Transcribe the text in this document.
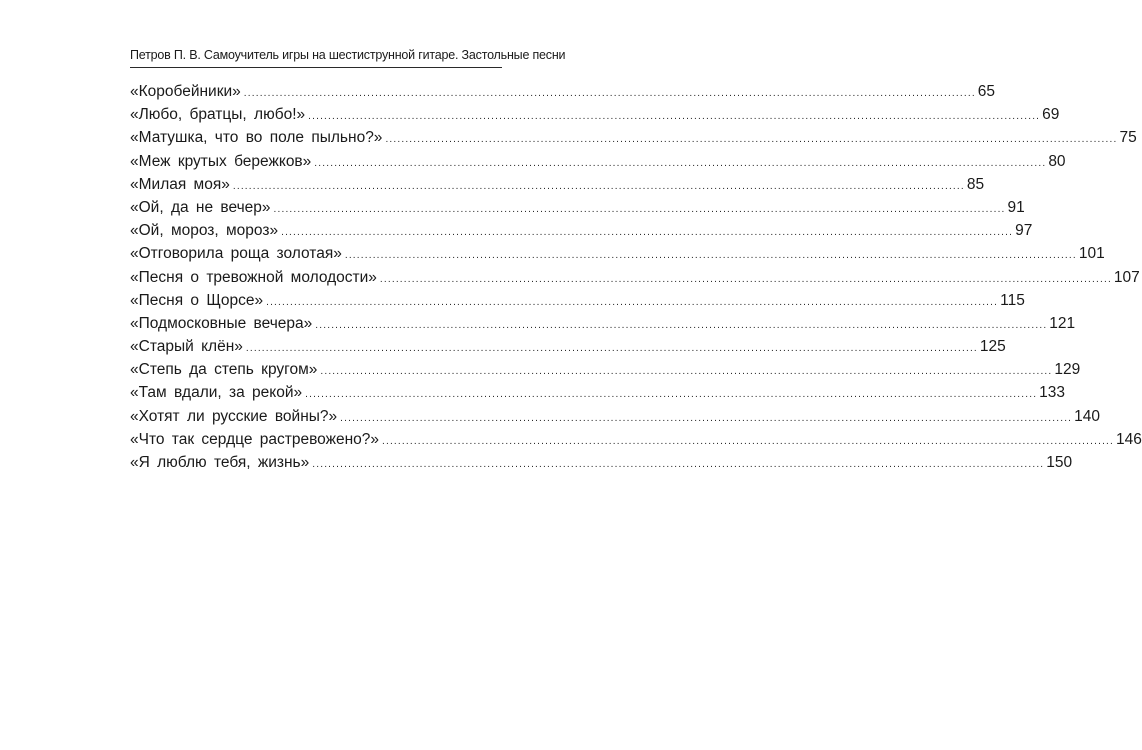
Петров П. В. Самоучитель игры на шестиструнной гитаре. Застольные песни
«Коробейники» .....	65
«Любо, братцы, любо!» .....	69
«Матушка, что во поле пыльно?» .....	75
«Меж крутых бережков» .....	80
«Милая моя» .....	85
«Ой, да не вечер» .....	91
«Ой, мороз, мороз» .....	97
«Отговорила роща золотая» .....	101
«Песня о тревожной молодости» .....	107
«Песня о Щорсе» .....	115
«Подмосковные вечера» .....	121
«Старый клён» .....	125
«Степь да степь кругом» .....	129
«Там вдали, за рекой» .....	133
«Хотят ли русские войны?» .....	140
«Что так сердце растревожено?» .....	146
«Я люблю тебя, жизнь» .....	150
